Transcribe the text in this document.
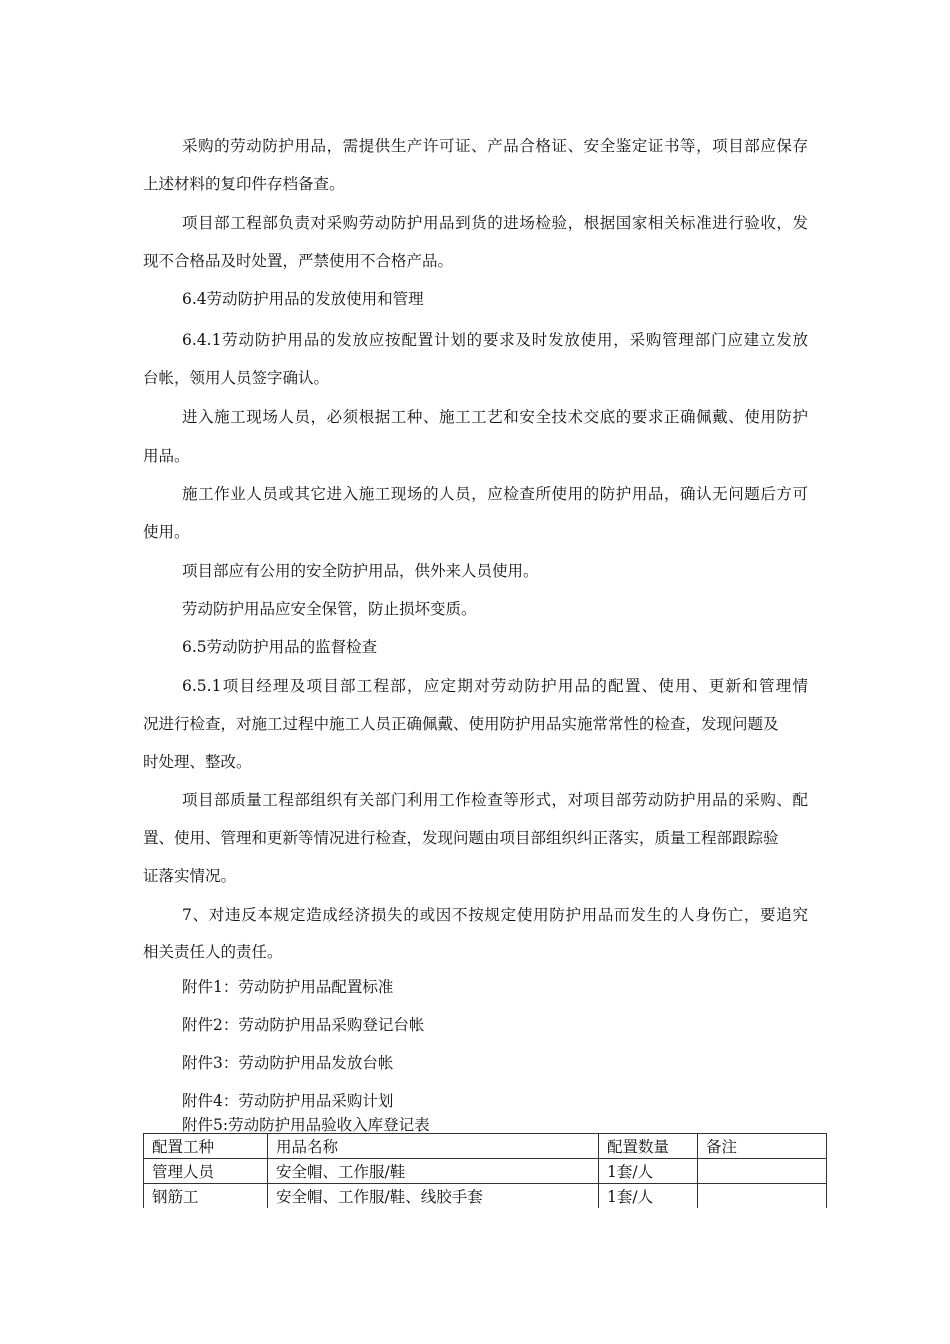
采购的劳动防护用品，需提供生产许可证、产品合格证、安全鉴定证书等，项目部应保存
上述材料的复印件存档备查。
项目部工程部负责对采购劳动防护用品到货的进场检验，根据国家相关标准进行验收，发
现不合格品及时处置，严禁使用不合格产品。
6.4劳动防护用品的发放使用和管理
6.4.1劳动防护用品的发放应按配置计划的要求及时发放使用，采购管理部门应建立发放
台帐，领用人员签字确认。
进入施工现场人员，必须根据工种、施工工艺和安全技术交底的要求正确佩戴、使用防护
用品。
施工作业人员或其它进入施工现场的人员，应检查所使用的防护用品，确认无问题后方可
使用。
项目部应有公用的安全防护用品，供外来人员使用。
劳动防护用品应安全保管，防止损坏变质。
6.5劳动防护用品的监督检查
6.5.1项目经理及项目部工程部，应定期对劳动防护用品的配置、使用、更新和管理情
况进行检查，对施工过程中施工人员正确佩戴、使用防护用品实施常常性的检查，发现问题及
时处理、整改。
项目部质量工程部组织有关部门利用工作检查等形式，对项目部劳动防护用品的采购、配
置、使用、管理和更新等情况进行检查，发现问题由项目部组织纠正落实，质量工程部跟踪验
证落实情况。
7、对违反本规定造成经济损失的或因不按规定使用防护用品而发生的人身伤亡，要追究
相关责任人的责任。
附件1：劳动防护用品配置标准
附件2：劳动防护用品采购登记台帐
附件3：劳动防护用品发放台帐
附件4：劳动防护用品采购计划
附件5:劳动防护用品验收入库登记表
配置工种	用品名称	配置数量	备注
管理人员	安全帽、工作服/鞋	1套/人	
钢筋工	安全帽、工作服/鞋、线胶手套	1套/人	
